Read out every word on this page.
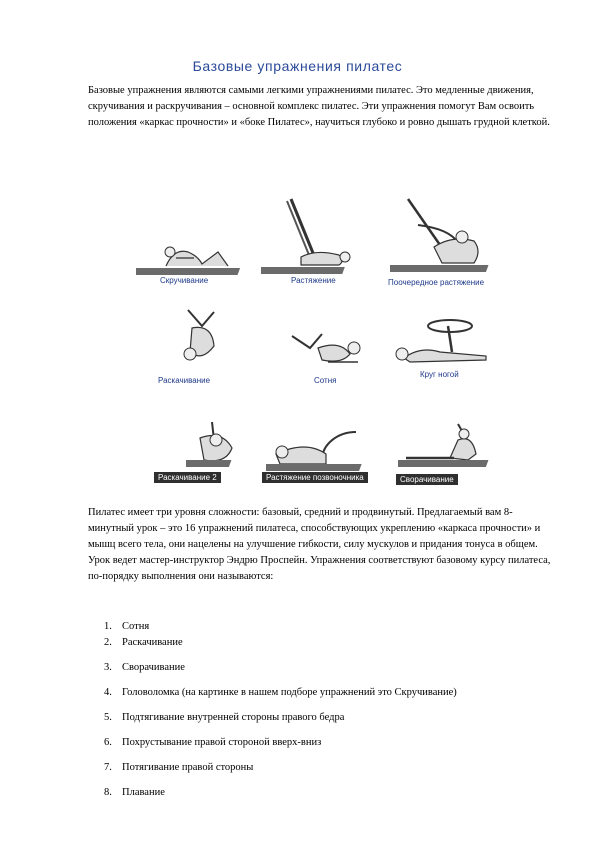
Базовые упражнения пилатес

Базовые упражнения являются самыми легкими упражнениями пилатес. Это медленные движения, скручивания и раскручивания – основной комплекс пилатес. Эти упражнения помогут Вам освоить положения «каркас прочности» и «боке Пилатес», научиться глубоко и ровно дышать грудной клеткой.

Скручивание	Растяжение	Поочередное растяжение
Раскачивание	Сотня
Круг ногой
Раскачивание 2	Растяжение позвоночника	Сворачивание

Пилатес имеет три уровня сложности: базовый, средний и продвинутый. Предлагаемый вам 8-минутный урок – это 16 упражнений пилатеса, способствующих укреплению «каркаса прочности» и мышц всего тела, они нацелены на улучшение гибкости, силу мускулов и придания тонуса в общем. Урок ведет мастер-инструктор Эндрю Проспейн. Упражнения соответствуют базовому курсу пилатеса, по-порядку выполнения они называются:

1. Сотня
2. Раскачивание
3. Сворачивание
4. Головоломка (на картинке в нашем подборе упражнений это Скручивание)
5. Подтягивание внутренней стороны правого бедра
6. Похрустывание правой стороной вверх-вниз
7. Потягивание правой стороны
8. Плавание
